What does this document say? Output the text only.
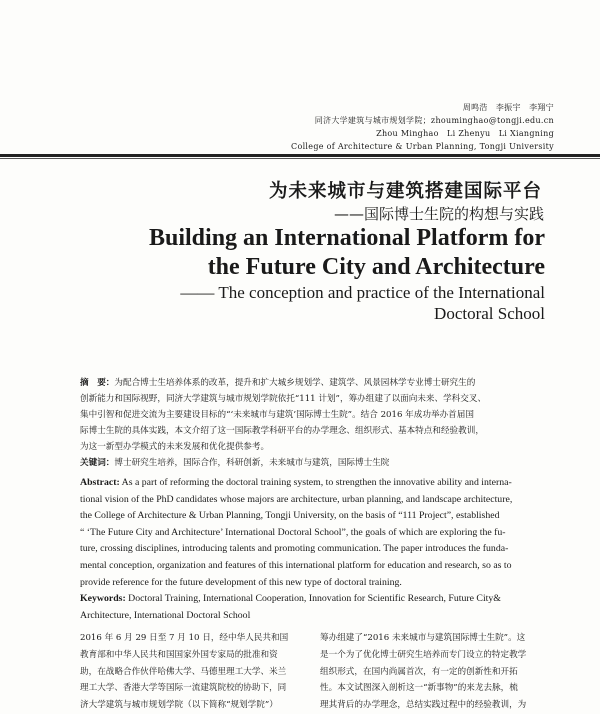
周鸣浩　李振宇　李翔宁
同济大学建筑与城市规划学院；zhouminghao@tongji.edu.cn
Zhou Minghao　Li Zhenyu　Li Xiangning
College of Architecture & Urban Planning, Tongji University
为未来城市与建筑搭建国际平台
——国际博士生院的构想与实践
Building an International Platform for
the Future City and Architecture
—— The conception and practice of the International
Doctoral School
摘　要：为配合博士生培养体系的改革，提升和扩大城乡规划学、建筑学、风景园林学专业博士研究生的
创新能力和国际视野，同济大学建筑与城市规划学院依托“111 计划”，筹办组建了以面向未来、学科交叉、
集中引智和促进交流为主要建设目标的“‘未来城市与建筑’国际博士生院”。结合 2016 年成功举办首届国
际博士生院的具体实践，本文介绍了这一国际教学科研平台的办学理念、组织形式、基本特点和经验教训，
为这一新型办学模式的未来发展和优化提供参考。
关键词：博士研究生培养，国际合作，科研创新，未来城市与建筑，国际博士生院
Abstract: As a part of reforming the doctoral training system, to strengthen the innovative ability and interna-
tional vision of the PhD candidates whose majors are architecture, urban planning, and landscape architecture,
the College of Architecture & Urban Planning, Tongji University, on the basis of “111 Project”, established
“ ‘The Future City and Architecture’ International Doctoral School”, the goals of which are exploring the fu-
ture, crossing disciplines, introducing talents and promoting communication. The paper introduces the funda-
mental conception, organization and features of this international platform for education and research, so as to
provide reference for the future development of this new type of doctoral training.
Keywords: Doctoral Training, International Cooperation, Innovation for Scientific Research, Future City&
Architecture, International Doctoral School
2016 年 6 月 29 日至 7 月 10 日，经中华人民共和国
教育部和中华人民共和国国家外国专家局的批准和资
助，在战略合作伙伴哈佛大学、马德里理工大学、米兰
理工大学、香港大学等国际一流建筑院校的协助下，同
济大学建筑与城市规划学院（以下简称“规划学院”）
筹办组建了“2016 未来城市与建筑国际博士生院”。这
是一个为了优化博士研究生培养而专门设立的特定教学
组织形式，在国内尚属首次，有一定的创新性和开拓
性。本文试图深入剖析这一“新事物”的来龙去脉，梳
理其背后的办学理念，总结实践过程中的经验教训，为
